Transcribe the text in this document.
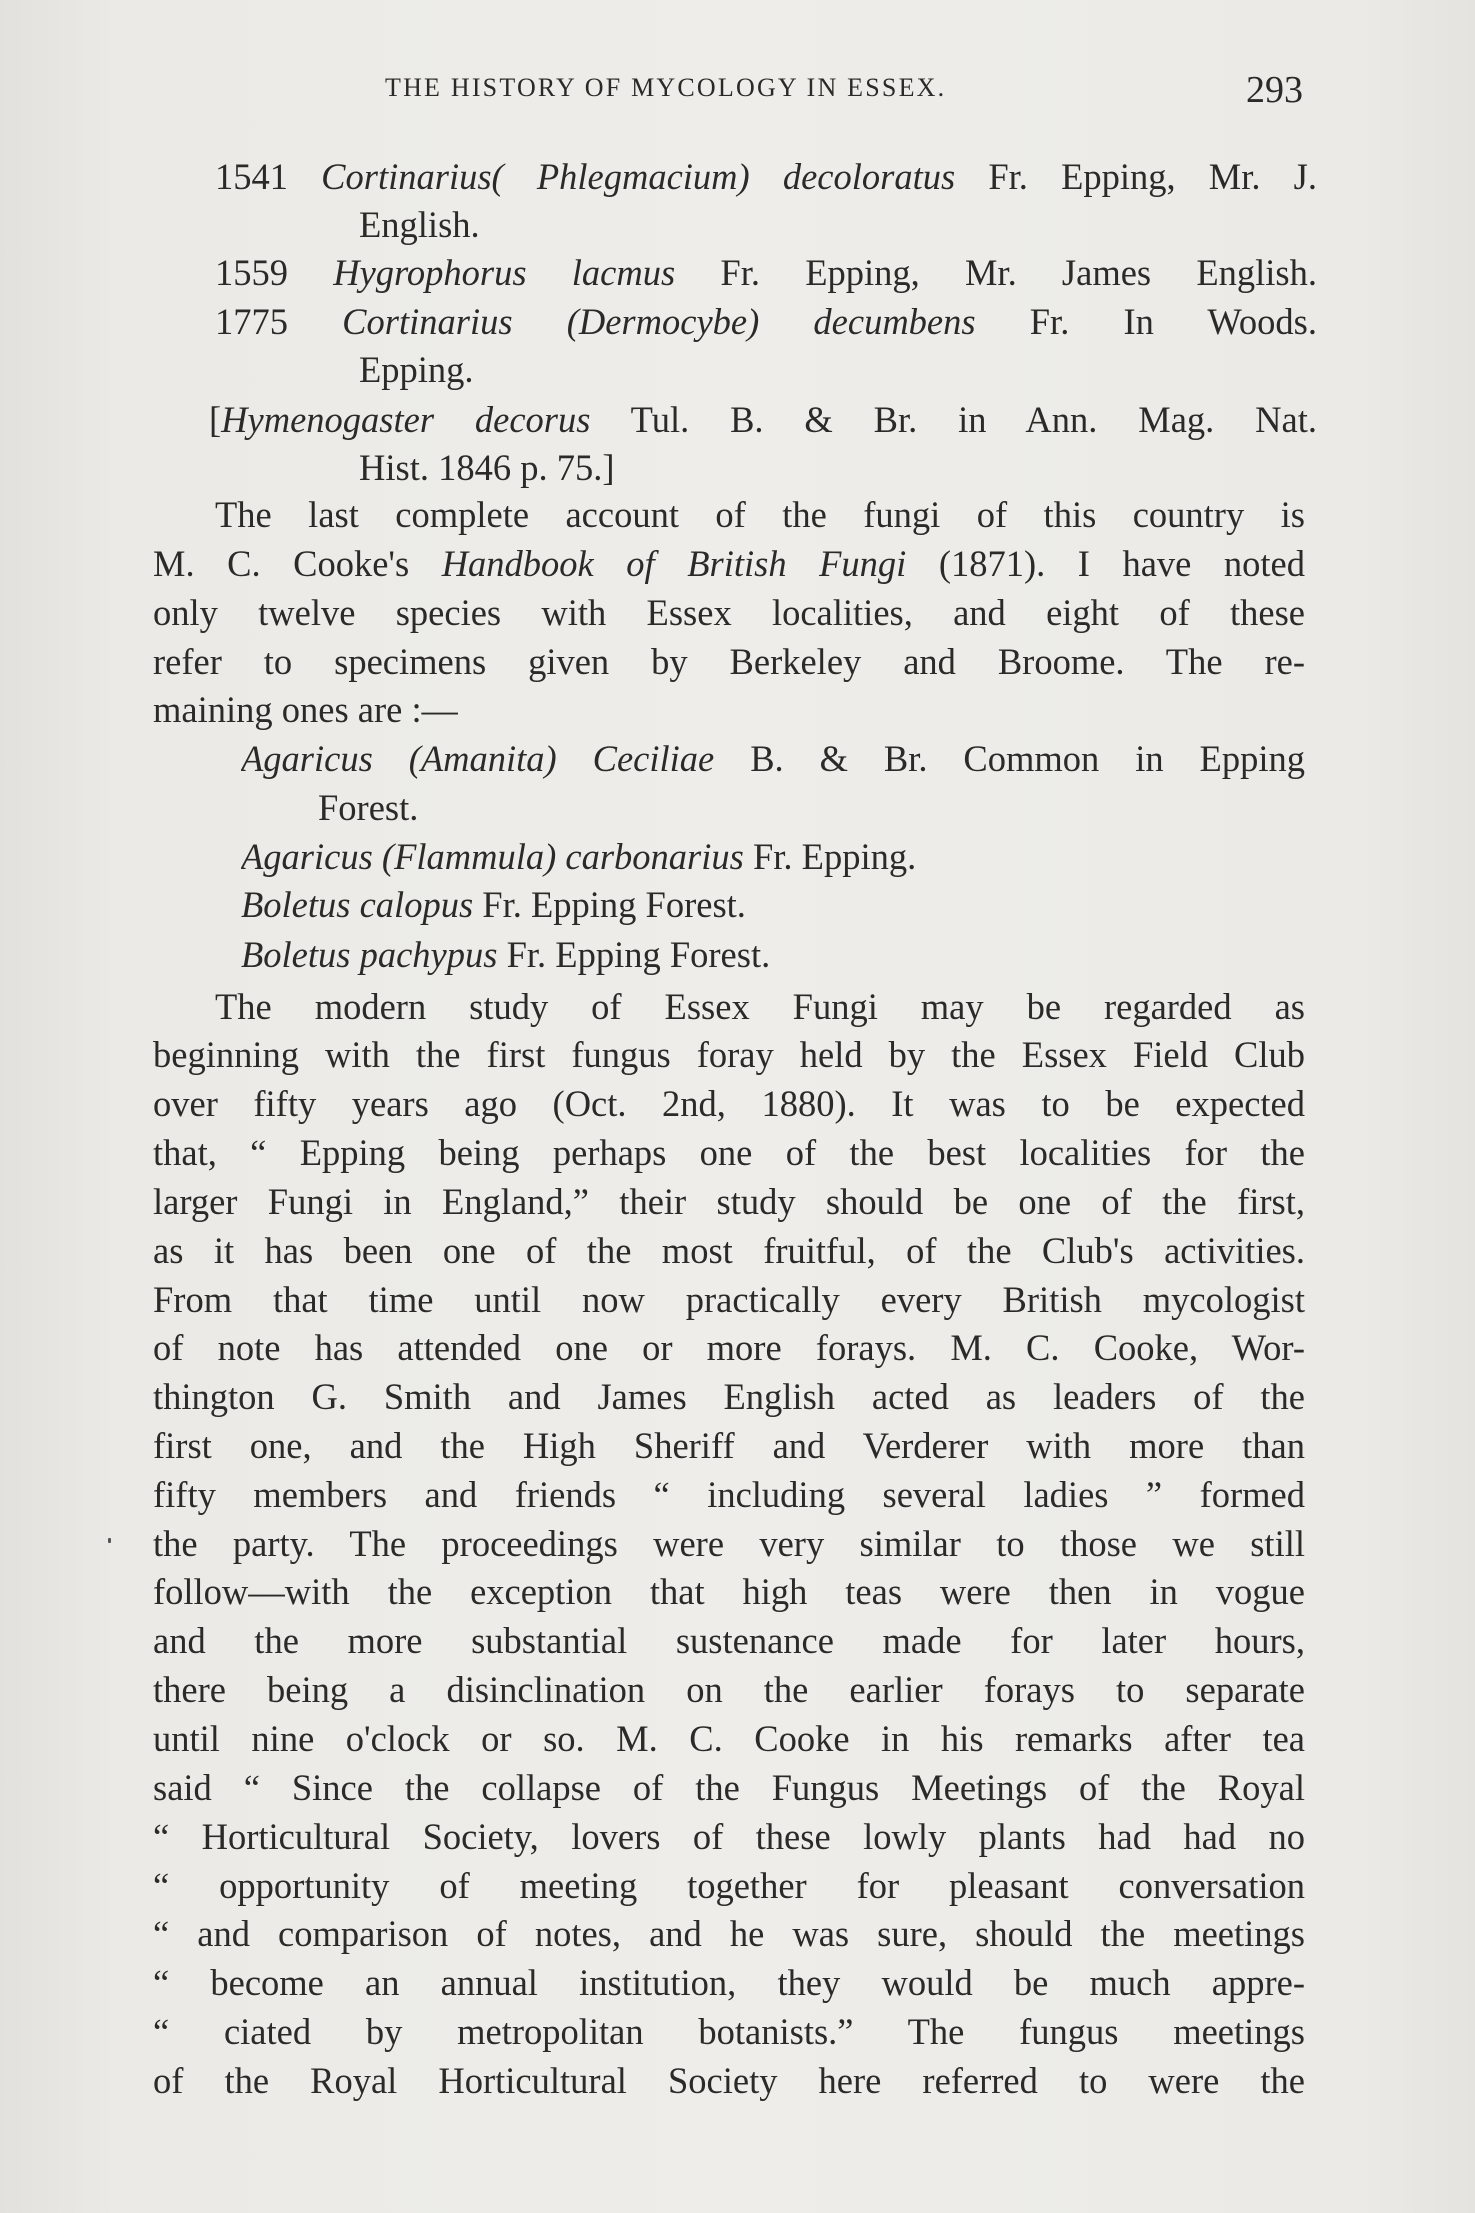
THE HISTORY OF MYCOLOGY IN ESSEX.	293
1541 Cortinarius( Phlegmacium) decoloratus Fr. Epping, Mr. J.
English.
1559 Hygrophorus lacmus Fr. Epping, Mr. James English.
1775 Cortinarius (Dermocybe) decumbens Fr. In Woods.
Epping.
[Hymenogaster decorus Tul. B. & Br. in Ann. Mag. Nat.
Hist. 1846 p. 75.]
The last complete account of the fungi of this country is
M. C. Cooke's Handbook of British Fungi (1871). I have noted
only twelve species with Essex localities, and eight of these
refer to specimens given by Berkeley and Broome. The re-
maining ones are :—
Agaricus (Amanita) Ceciliae B. & Br. Common in Epping
Forest.
Agaricus (Flammula) carbonarius Fr. Epping.
Boletus calopus Fr. Epping Forest.
Boletus pachypus Fr. Epping Forest.
The modern study of Essex Fungi may be regarded as
beginning with the first fungus foray held by the Essex Field Club
over fifty years ago (Oct. 2nd, 1880). It was to be expected
that, “ Epping being perhaps one of the best localities for the
larger Fungi in England,” their study should be one of the first,
as it has been one of the most fruitful, of the Club's activities.
From that time until now practically every British mycologist
of note has attended one or more forays. M. C. Cooke, Wor-
thington G. Smith and James English acted as leaders of the
first one, and the High Sheriff and Verderer with more than
fifty members and friends “ including several ladies ” formed
the party. The proceedings were very similar to those we still
follow—with the exception that high teas were then in vogue
and the more substantial sustenance made for later hours,
there being a disinclination on the earlier forays to separate
until nine o'clock or so. M. C. Cooke in his remarks after tea
said “ Since the collapse of the Fungus Meetings of the Royal
“ Horticultural Society, lovers of these lowly plants had had no
“ opportunity of meeting together for pleasant conversation
“ and comparison of notes, and he was sure, should the meetings
“ become an annual institution, they would be much appre-
“ ciated by metropolitan botanists.” The fungus meetings
of the Royal Horticultural Society here referred to were the
